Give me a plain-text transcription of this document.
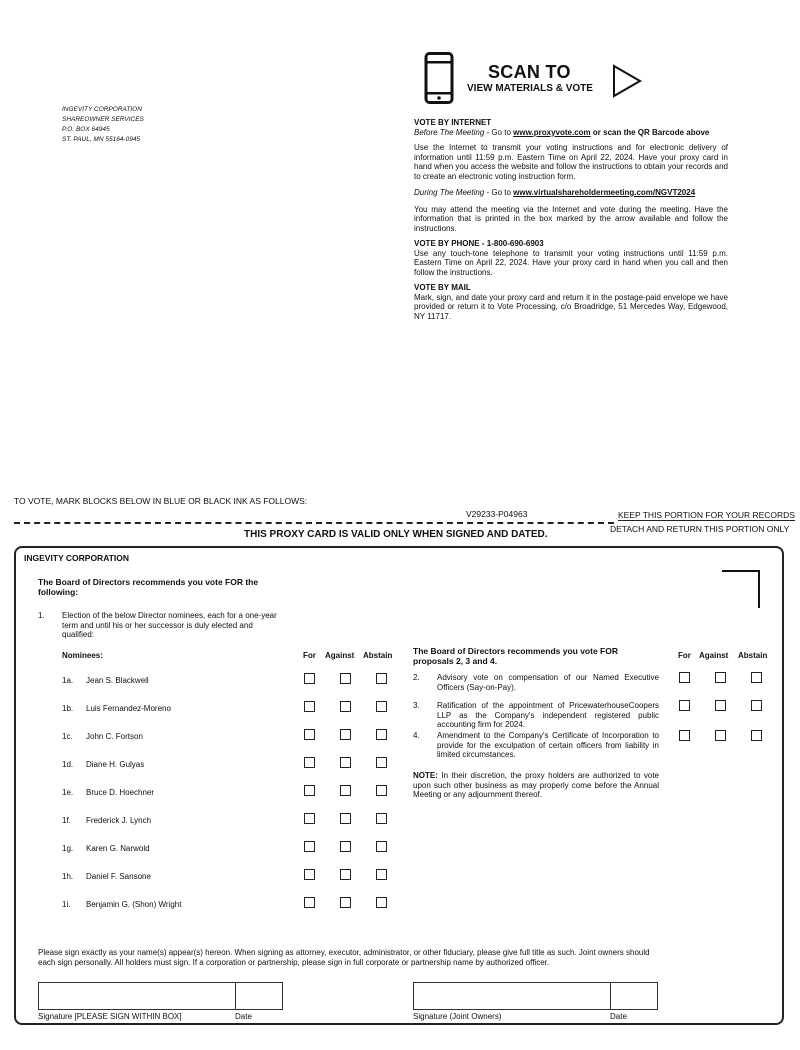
INGEVITY CORPORATION
SHAREOWNER SERVICES
P.O. BOX 64945
ST. PAUL, MN 55164-0945
SCAN TO
VIEW MATERIALS & VOTE
VOTE BY INTERNET
Before The Meeting - Go to www.proxyvote.com or scan the QR Barcode above
Use the Internet to transmit your voting instructions and for electronic delivery of information until 11:59 p.m. Eastern Time on April 22, 2024. Have your proxy card in hand when you access the website and follow the instructions to obtain your records and to create an electronic voting instruction form.
During The Meeting - Go to www.virtualshareholdermeeting.com/NGVT2024
You may attend the meeting via the Internet and vote during the meeting. Have the information that is printed in the box marked by the arrow available and follow the instructions.
VOTE BY PHONE - 1-800-690-6903
Use any touch-tone telephone to transmit your voting instructions until 11:59 p.m. Eastern Time on April 22, 2024. Have your proxy card in hand when you call and then follow the instructions.
VOTE BY MAIL
Mark, sign, and date your proxy card and return it in the postage-paid envelope we have provided or return it to Vote Processing, c/o Broadridge, 51 Mercedes Way, Edgewood, NY 11717.
TO VOTE, MARK BLOCKS BELOW IN BLUE OR BLACK INK AS FOLLOWS:
V29233-P04963	KEEP THIS PORTION FOR YOUR RECORDS
DETACH AND RETURN THIS PORTION ONLY
THIS PROXY CARD IS VALID ONLY WHEN SIGNED AND DATED.
INGEVITY CORPORATION
The Board of Directors recommends you vote FOR the following:
1. Election of the below Director nominees, each for a one-year term and until his or her successor is duly elected and qualified:
Nominees:	For Against Abstain The Board of Directors recommends you vote FOR proposals 2, 3 and 4.	For Against Abstain
1a. Jean S. Blackwell
1b. Luis Fernandez-Moreno
1c. John C. Fortson
1d. Diane H. Gulyas
1e. Bruce D. Hoechner
1f. Frederick J. Lynch
1g. Karen G. Narwold
1h. Daniel F. Sansone
1i. Benjamin G. (Shon) Wright
2. Advisory vote on compensation of our Named Executive Officers (Say-on-Pay).
3. Ratification of the appointment of PricewaterhouseCoopers LLP as the Company's independent registered public accounting firm for 2024.
4. Amendment to the Company's Certificate of Incorporation to provide for the exculpation of certain officers from liability in limited circumstances.
NOTE: In their discretion, the proxy holders are authorized to vote upon such other business as may properly come before the Annual Meeting or any adjournment thereof.
Please sign exactly as your name(s) appear(s) hereon. When signing as attorney, executor, administrator, or other fiduciary, please give full title as such. Joint owners should each sign personally. All holders must sign. If a corporation or partnership, please sign in full corporate or partnership name by authorized officer.
Signature [PLEASE SIGN WITHIN BOX]	Date	Signature (Joint Owners)	Date
